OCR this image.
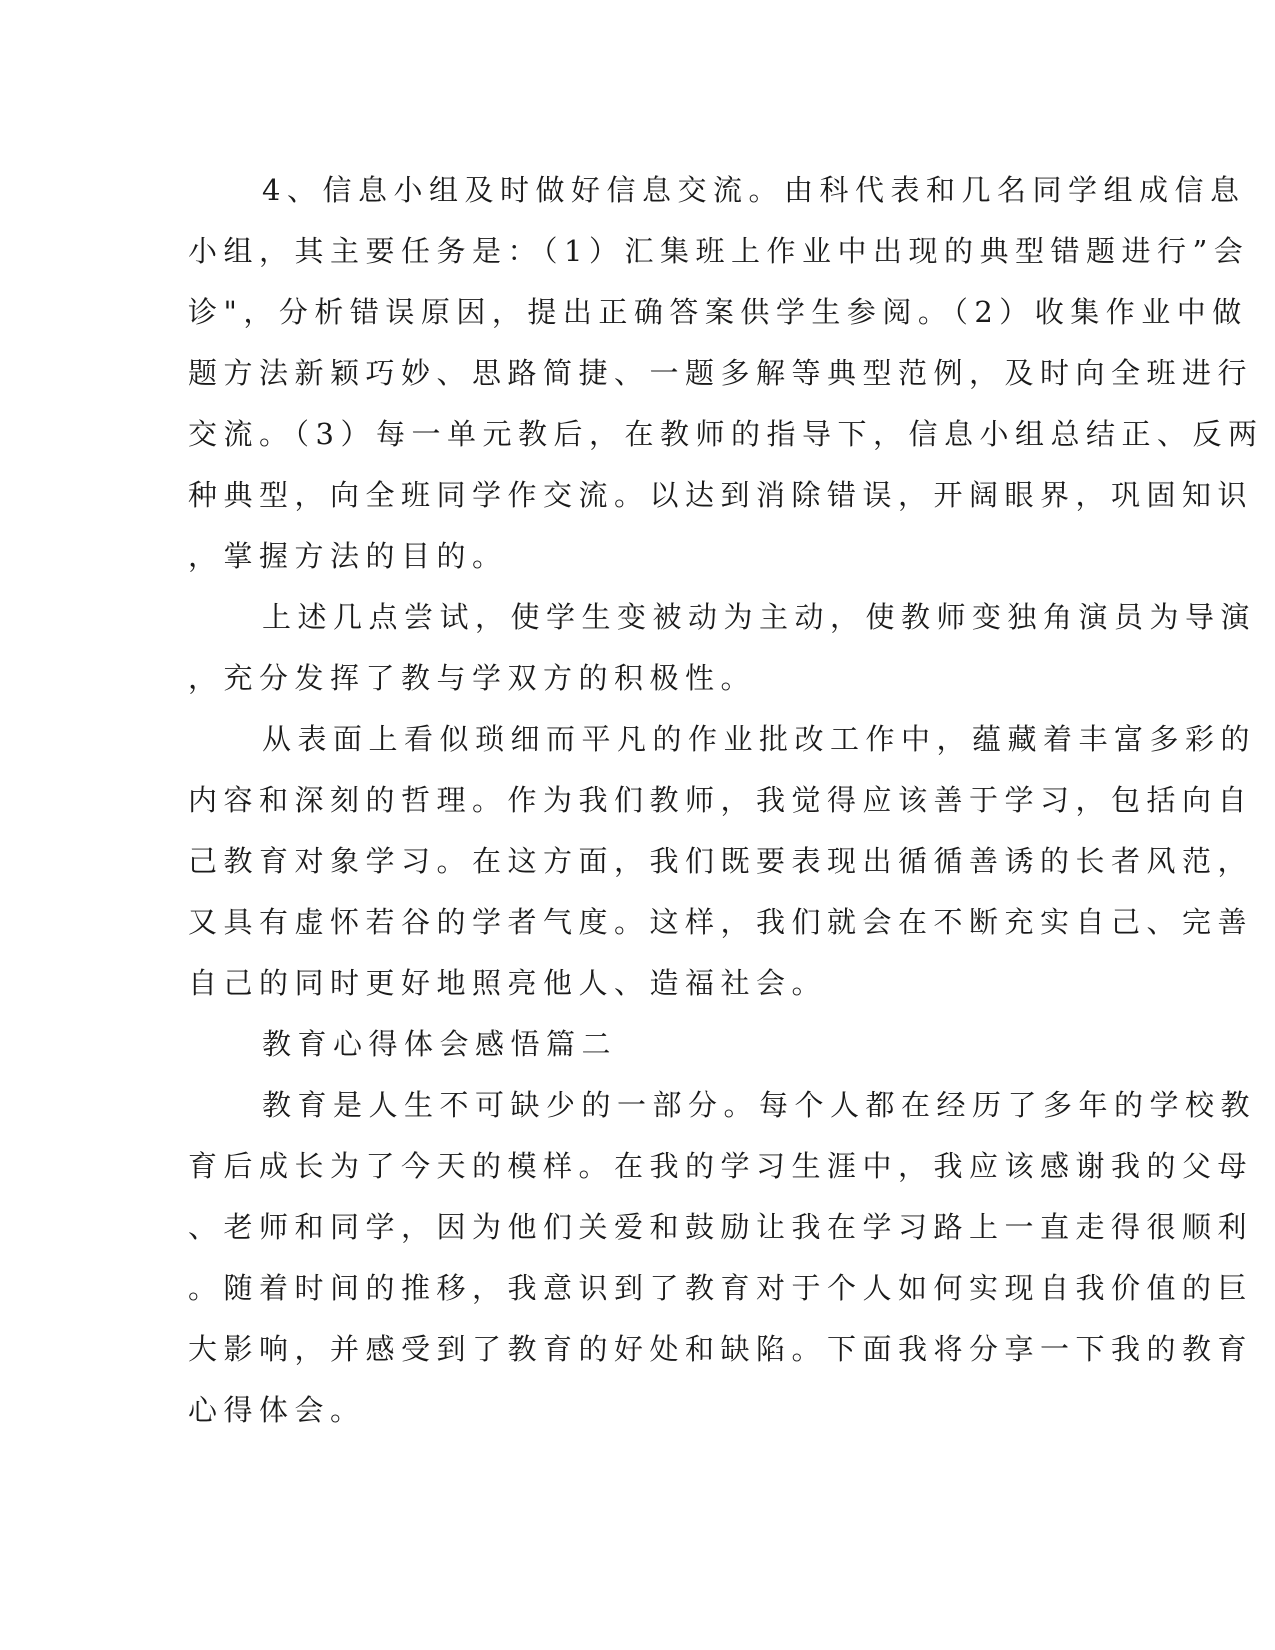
4、信息小组及时做好信息交流。由科代表和几名同学组成信息
小组，其主要任务是：（1）汇集班上作业中出现的典型错题进行”会
诊"，分析错误原因，提出正确答案供学生参阅。（2）收集作业中做
题方法新颖巧妙、思路简捷、一题多解等典型范例，及时向全班进行
交流。（3）每一单元教后，在教师的指导下，信息小组总结正、反两
种典型，向全班同学作交流。以达到消除错误，开阔眼界，巩固知识
，掌握方法的目的。
上述几点尝试，使学生变被动为主动，使教师变独角演员为导演
，充分发挥了教与学双方的积极性。
从表面上看似琐细而平凡的作业批改工作中，蕴藏着丰富多彩的
内容和深刻的哲理。作为我们教师，我觉得应该善于学习，包括向自
己教育对象学习。在这方面，我们既要表现出循循善诱的长者风范，
又具有虚怀若谷的学者气度。这样，我们就会在不断充实自己、完善
自己的同时更好地照亮他人、造福社会。
教育心得体会感悟篇二
教育是人生不可缺少的一部分。每个人都在经历了多年的学校教
育后成长为了今天的模样。在我的学习生涯中，我应该感谢我的父母
、老师和同学，因为他们关爱和鼓励让我在学习路上一直走得很顺利
。随着时间的推移，我意识到了教育对于个人如何实现自我价值的巨
大影响，并感受到了教育的好处和缺陷。下面我将分享一下我的教育
心得体会。
